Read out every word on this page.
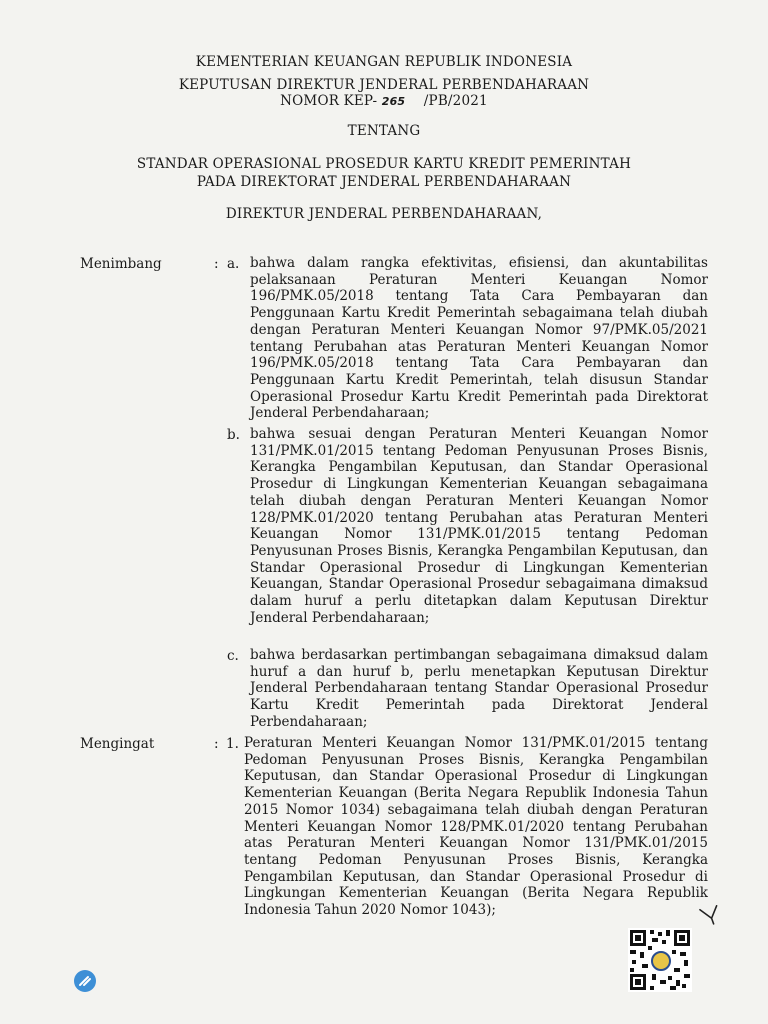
KEMENTERIAN KEUANGAN REPUBLIK INDONESIA
KEPUTUSAN DIREKTUR JENDERAL PERBENDAHARAAN
NOMOR KEP- 265 /PB/2021
TENTANG
STANDAR OPERASIONAL PROSEDUR KARTU KREDIT PEMERINTAH
PADA DIREKTORAT JENDERAL PERBENDAHARAAN
DIREKTUR JENDERAL PERBENDAHARAAN,
Menimbang	: a. bahwa dalam rangka efektivitas, efisiensi, dan akuntabilitas pelaksanaan Peraturan Menteri Keuangan Nomor 196/PMK.05/2018 tentang Tata Cara Pembayaran dan Penggunaan Kartu Kredit Pemerintah sebagaimana telah diubah dengan Peraturan Menteri Keuangan Nomor 97/PMK.05/2021 tentang Perubahan atas Peraturan Menteri Keuangan Nomor 196/PMK.05/2018 tentang Tata Cara Pembayaran dan Penggunaan Kartu Kredit Pemerintah, telah disusun Standar Operasional Prosedur Kartu Kredit Pemerintah pada Direktorat Jenderal Perbendaharaan;

b. bahwa sesuai dengan Peraturan Menteri Keuangan Nomor 131/PMK.01/2015 tentang Pedoman Penyusunan Proses Bisnis, Kerangka Pengambilan Keputusan, dan Standar Operasional Prosedur di Lingkungan Kementerian Keuangan sebagaimana telah diubah dengan Peraturan Menteri Keuangan Nomor 128/PMK.01/2020 tentang Perubahan atas Peraturan Menteri Keuangan Nomor 131/PMK.01/2015 tentang Pedoman Penyusunan Proses Bisnis, Kerangka Pengambilan Keputusan, dan Standar Operasional Prosedur di Lingkungan Kementerian Keuangan, Standar Operasional Prosedur sebagaimana dimaksud dalam huruf a perlu ditetapkan dalam Keputusan Direktur Jenderal Perbendaharaan;

c. bahwa berdasarkan pertimbangan sebagaimana dimaksud dalam huruf a dan huruf b, perlu menetapkan Keputusan Direktur Jenderal Perbendaharaan tentang Standar Operasional Prosedur Kartu Kredit Pemerintah pada Direktorat Jenderal Perbendaharaan;

Mengingat	: 1. Peraturan Menteri Keuangan Nomor 131/PMK.01/2015 tentang Pedoman Penyusunan Proses Bisnis, Kerangka Pengambilan Keputusan, dan Standar Operasional Prosedur di Lingkungan Kementerian Keuangan (Berita Negara Republik Indonesia Tahun 2015 Nomor 1034) sebagaimana telah diubah dengan Peraturan Menteri Keuangan Nomor 128/PMK.01/2020 tentang Perubahan atas Peraturan Menteri Keuangan Nomor 131/PMK.01/2015 tentang Pedoman Penyusunan Proses Bisnis, Kerangka Pengambilan Keputusan, dan Standar Operasional Prosedur di Lingkungan Kementerian Keuangan (Berita Negara Republik Indonesia Tahun 2020 Nomor 1043);
